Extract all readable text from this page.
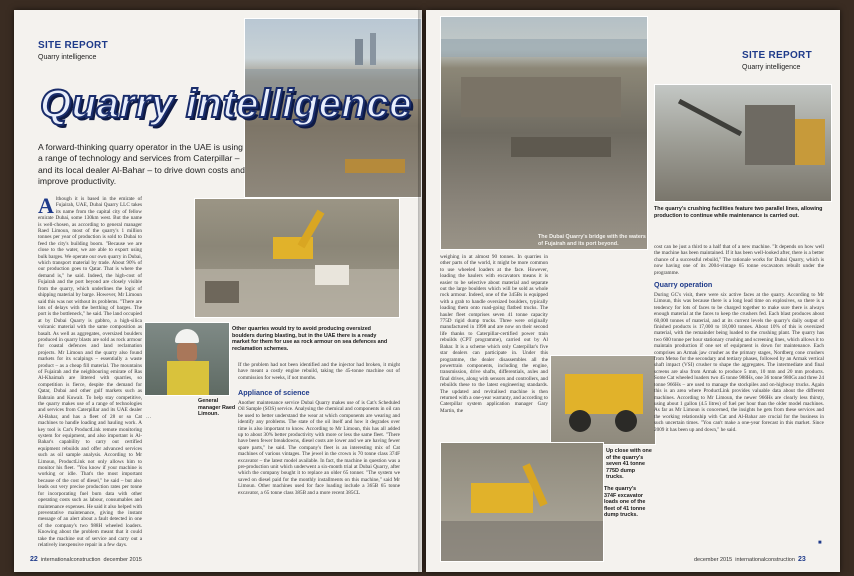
SITE REPORT
Quarry intelligence
Quarry intelligence
A forward-thinking quarry operator in the UAE is using a range of technology and services from Caterpillar – and its local dealer Al-Bahar – to drive down costs and improve productivity.
Although it is based in the emirate of Fujairah, UAE, Dubai Quarry LLC takes its name from the capital city of fellow emirate Dubai, some 130km west. But the name is well-chosen, as according to general manager Raed Limoun, most of the quarry's 1 million tonnes per year of production is sold to Dubai to feed the city's building boom. "Because we are close to the water, we are able to export using bulk barges. We operate our own quarry in Dubai, which transport material by trade. About 90% of our production goes to Qatar. That is where the demand is," he said. Indeed, the high-cost of Fujairah and the port beyond are closely visible from the quarry, which underlines the logic of shipping material by barge. However, Mr Limoun said this was not without its problems. "There are lots of delays with the berthing of barges. The port is the bottleneck," he said. The land occupied at by Dubai Quarry is gabbro, a high-silica volcanic material with the same composition as basalt. As well as aggregates, oversized boulders produced in quarry blasts are sold as rock armour for coastal defences and land reclamation projects. Mr Limoun and the quarry also found markets for its scalpings – essentially a waste product – as a cheap fill material. The mountains of Fujairah and the neighbouring emirate of Ras Al-Khaimah are littered with quarries, so competition is fierce, despite the demand for Qatar, Dubai and other gulf markets such as Bahrain and Kuwait. To help stay competitive, the quarry makes use of a range of technologies and services from Caterpillar and its UAE dealer Al-Bahar, and has a fleet of 28 or so Cat machines to handle loading and hauling work. A key tool is Cat's ProductLink remote monitoring system for equipment, and also important is Al-Bahar's capability to carry out certified equipment rebuilds and offer advanced services such as oil sample analysis. According to Mr Limoun, ProductLink not only allows him to monitor his fleet. "You know if your machine is working or idle. That's the most important because of the cost of diesel," he said – but also leads out very precise production rates per tonne for incorporating fuel burn data with other operating costs such as labour, consumables and maintenance expenses. He said it also helped with preventative maintenance, giving the instant message of an alert about a fault detected in one of the company's two 988H wheeled loaders. Knowing about the problem meant that it could take the machine out of service and carry out a relatively inexpensive repair in a few days.
Other quarries would try to avoid producing oversized boulders during blasting, but in the UAE there is a ready market for them for use as rock armour on sea defences and reclamation schemes.
General manager Raed Limoun.
If the problem had not been identified and the injector had broken, it might have meant a costly engine rebuild, taking the 45-tonne machine out of commission for weeks, if not months.
Appliance of science
Another maintenance service Dubai Quarry makes use of is Cat's Scheduled Oil Sample (SOS) service. Analysing the chemical and components in oil can be used to better understand the wear at which components are wearing and identify any problems. The state of the oil itself and how it degrades over time is also important to know. According to Mr Limoun, this has all added up to about 30% better productivity with more or less the same fleet. "There have been fewer breakdowns, diesel costs are lower and we are having fewer spare parts," he said. The company's fleet is an interesting mix of Cat machines of various vintages. The jewel in the crown is 70 tonne class 374F excavator – the latest model available. In fact, the machine in question was a pre-production unit which underwent a six-month trial at Dubai Quarry, after which the company bought it to replace an older 65 tonner. "The system we saved on diesel paid for the monthly installments on this machine," said Mr Limoun. Other machines used for face loading include a 365B 65 tonne excavator, a 65 tonne class 385B and a more recent 385CL
…
22 internationalconstruction december 2015
The Dubai Quarry's bridge with the waters of Fujairah and its port beyond.
SITE REPORT
Quarry intelligence
The quarry's crushing facilities feature two parallel lines, allowing production to continue while maintenance is carried out.
weighing in at almost 90 tonnes. In quarries in other parts of the world, it might be more common to use wheeled loaders at the face. However, loading the haulers with excavators means it is easier to be selective about material and separate out the large boulders which will be sold as whole rock armour. Indeed, one of the 345Bs is equipped with a grab to handle oversized boulders, typically loading them onto road-going flatbed trucks. The hauler fleet comprises seven 41 tonne capacity 775D rigid dump trucks. Three were originally manufactured in 1998 and are now on their second life thanks to Caterpillar-certified power train rebuilds (CPT programme), carried out by Al Bahar. It is a scheme which only Caterpillar's five star dealers can participate in. Under this programme, the dealer disassembles all the powertrain components, including the engine, transmission, drive shafts, differentials, axles and final drives, along with sensors and controllers, and rebuilds these to the latest engineering standards. The updated and revitalised machine is then returned with a one-year warranty, and according to Caterpillar system application manager Gary Martin, the
Up close with one of the quarry's seven 41 tonne 775D dump trucks.
The quarry's 374F excavator loads one of the fleet of 41 tonne dump trucks.
cost can be just a third to a half that of a new machine. "It depends on how well the machine has been maintained. If it has been well-looked after, there is a better chance of a successful rebuild," The rationale works for Dubai Quarry, which is now having one of its 2004-vintage 65 tonne excavators rebuilt under the programme.
Quarry operation
During GC's visit, there were six active faces at the quarry. According to Mr Limoun, this was because there is a long lead time on explosives, so there is a tendency for lots of faces to be charged together to make sure there is always enough material at the faces to keep the crushers fed. Each blast produces about 60,000 tonnes of material, and at its current levels the quarry's daily output of finished products is 17,000 to 18,000 tonnes. About 10% of this is oversized material, with the remainder being loaded to the crushing plant. The quarry has two 600 tonne per hour stationary crushing and screening lines, which allows it to maintain production if one set of equipment is down for maintenance. Each comprises an Armak jaw crusher as the primary stages, Nordberg cone crushers from Metso for the secondary and tertiary phases, followed by an Armak vertical shaft impact (VSI) crusher to shape the aggregates. The intermediate and final screens are also from Armak to produce 5 mm, 10 mm and 20 mm products. Some Cat wheeled loaders two 45 tonne 988Hs, one 36 tonne 980Gs and three 24 tonne 966Hs – are used to manage the stockpiles and on-highway trucks. Again this is an area where ProductLink provides valuable data about the different machines. According to Mr Limoun, the newer 966Hs are clearly less thirsty, using about 1 gallon (4.5 litres) of fuel per hour than the older model machines. As far as Mr Limoun is concerned, the insights he gets from these services and the working relationship with Cat and Al-Bahar are crucial for the business in such uncertain times. "You can't make a one-year forecast in this market. Since 2009 it has been up and down," he said.
■
december 2015 internationalconstruction 23
